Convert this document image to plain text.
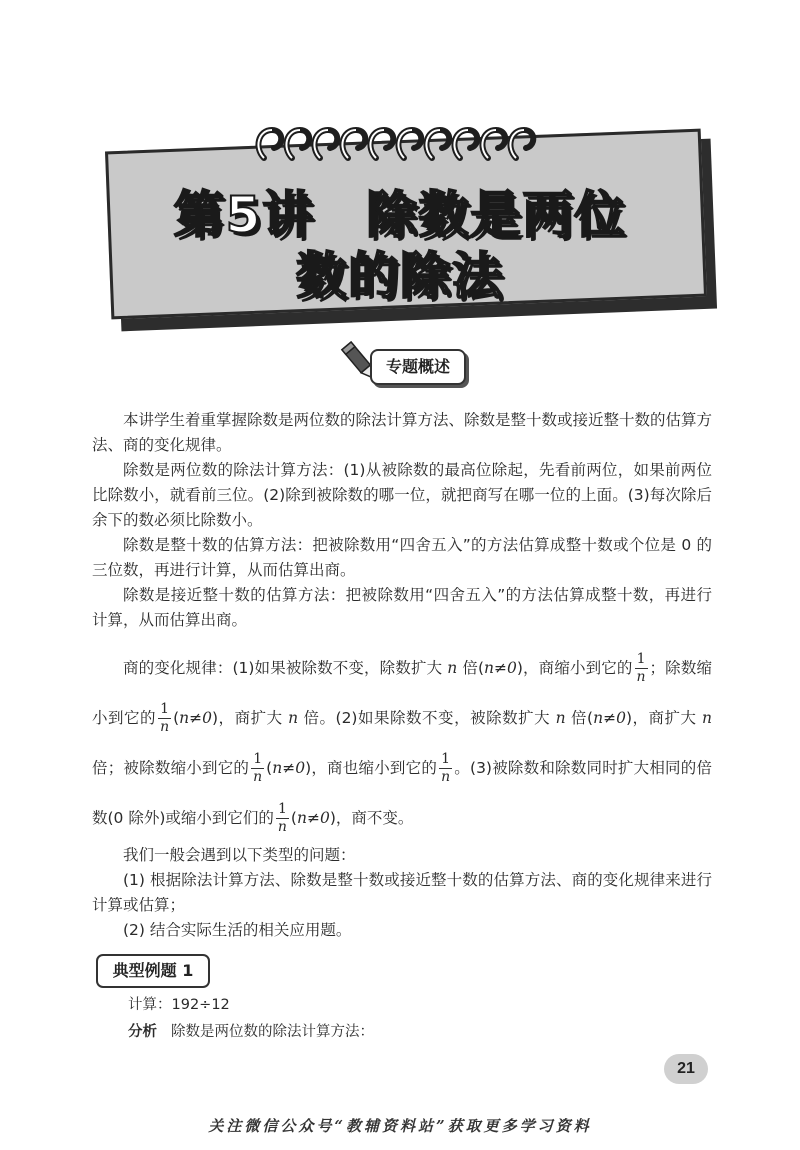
第5讲　除数是两位
数的除法
专题概述

本讲学生着重掌握除数是两位数的除法计算方法、除数是整十数或接近整十数的估算方法、商的变化规律。

除数是两位数的除法计算方法：(1)从被除数的最高位除起，先看前两位，如果前两位比除数小，就看前三位。(2)除到被除数的哪一位，就把商写在哪一位的上面。(3)每次除后余下的数必须比除数小。

除数是整十数的估算方法：把被除数用“四舍五入”的方法估算成整十数或个位是 0 的三位数，再进行计算，从而估算出商。

除数是接近整十数的估算方法：把被除数用“四舍五入”的方法估算成整十数，再进行计算，从而估算出商。

商的变化规律：(1)如果被除数不变，除数扩大 n 倍(n≠0)，商缩小到它的 $\frac{1}{n}$ ；除数缩小到它的 $\frac{1}{n} (n\ne 0)$，商扩大 n 倍。(2)如果除数不变，被除数扩大 n 倍(n≠0)，商扩大 n 倍；被除数缩小到它的 $\frac{1}{n} (n\ne 0)$，商也缩小到它的 $\frac{1}{n}$ 。(3)被除数和除数同时扩大相同的倍数(0 除外)或缩小到它们的 $\frac{1}{n} (n\ne 0)$，商不变。

我们一般会遇到以下类型的问题：

(1) 根据除法计算方法、除数是整十数或接近整十数的估算方法、商的变化规律来进行计算或估算；

(2) 结合实际生活的相关应用题。

典型例题 1
计算：192÷12
分析 除数是两位数的除法计算方法：
21
关注微信公众号“教辅资料站”获取更多学习资料
